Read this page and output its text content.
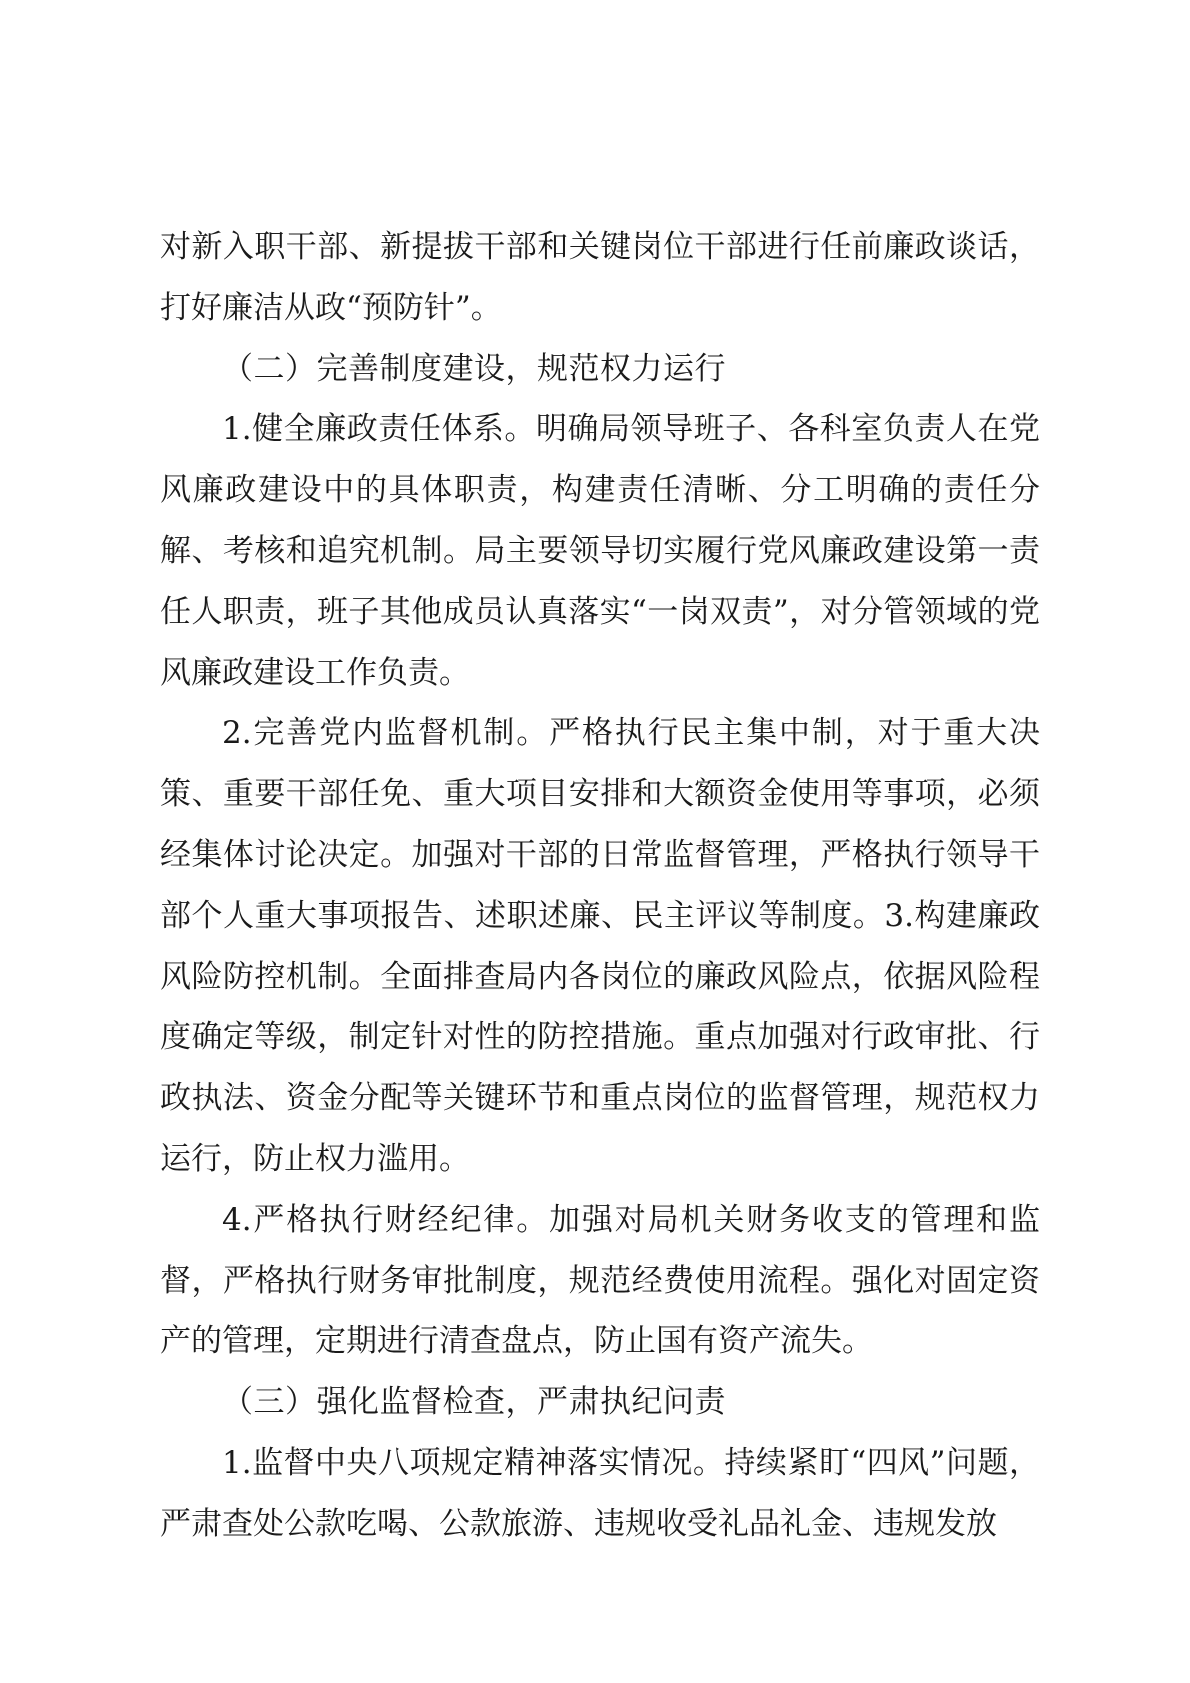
对新入职干部、新提拔干部和关键岗位干部进行任前廉政谈话，打好廉洁从政“预防针”。

（二）完善制度建设，规范权力运行

1.健全廉政责任体系。明确局领导班子、各科室负责人在党风廉政建设中的具体职责，构建责任清晰、分工明确的责任分解、考核和追究机制。局主要领导切实履行党风廉政建设第一责任人职责，班子其他成员认真落实“一岗双责”，对分管领域的党风廉政建设工作负责。

2.完善党内监督机制。严格执行民主集中制，对于重大决策、重要干部任免、重大项目安排和大额资金使用等事项，必须经集体讨论决定。加强对干部的日常监督管理，严格执行领导干部个人重大事项报告、述职述廉、民主评议等制度。3.构建廉政风险防控机制。全面排查局内各岗位的廉政风险点，依据风险程度确定等级，制定针对性的防控措施。重点加强对行政审批、行政执法、资金分配等关键环节和重点岗位的监督管理，规范权力运行，防止权力滥用。

4.严格执行财经纪律。加强对局机关财务收支的管理和监督，严格执行财务审批制度，规范经费使用流程。强化对固定资产的管理，定期进行清查盘点，防止国有资产流失。

（三）强化监督检查，严肃执纪问责

1.监督中央八项规定精神落实情况。持续紧盯“四风”问题，严肃查处公款吃喝、公款旅游、违规收受礼品礼金、违规发放
